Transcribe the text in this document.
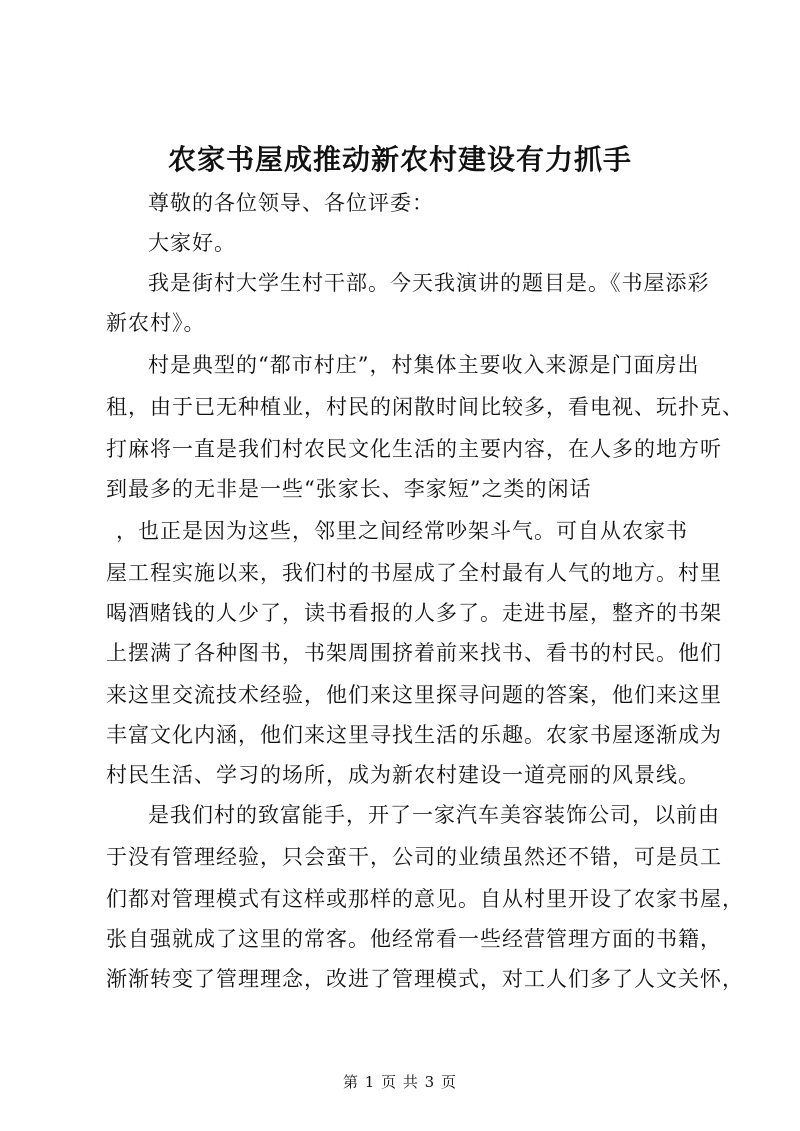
农家书屋成推动新农村建设有力抓手
尊敬的各位领导、各位评委：
大家好。
我是街村大学生村干部。今天我演讲的题目是。《书屋添彩
新农村》。
村是典型的“都市村庄”，村集体主要收入来源是门面房出
租，由于已无种植业，村民的闲散时间比较多，看电视、玩扑克、
打麻将一直是我们村农民文化生活的主要内容，在人多的地方听
到最多的无非是一些“张家长、李家短”之类的闲话
，也正是因为这些，邻里之间经常吵架斗气。可自从农家书
屋工程实施以来，我们村的书屋成了全村最有人气的地方。村里
喝酒赌钱的人少了，读书看报的人多了。走进书屋，整齐的书架
上摆满了各种图书，书架周围挤着前来找书、看书的村民。他们
来这里交流技术经验，他们来这里探寻问题的答案，他们来这里
丰富文化内涵，他们来这里寻找生活的乐趣。农家书屋逐渐成为
村民生活、学习的场所，成为新农村建设一道亮丽的风景线。
是我们村的致富能手，开了一家汽车美容装饰公司，以前由
于没有管理经验，只会蛮干，公司的业绩虽然还不错，可是员工
们都对管理模式有这样或那样的意见。自从村里开设了农家书屋，
张自强就成了这里的常客。他经常看一些经营管理方面的书籍，
渐渐转变了管理理念，改进了管理模式，对工人们多了人文关怀，
第 1 页 共 3 页
